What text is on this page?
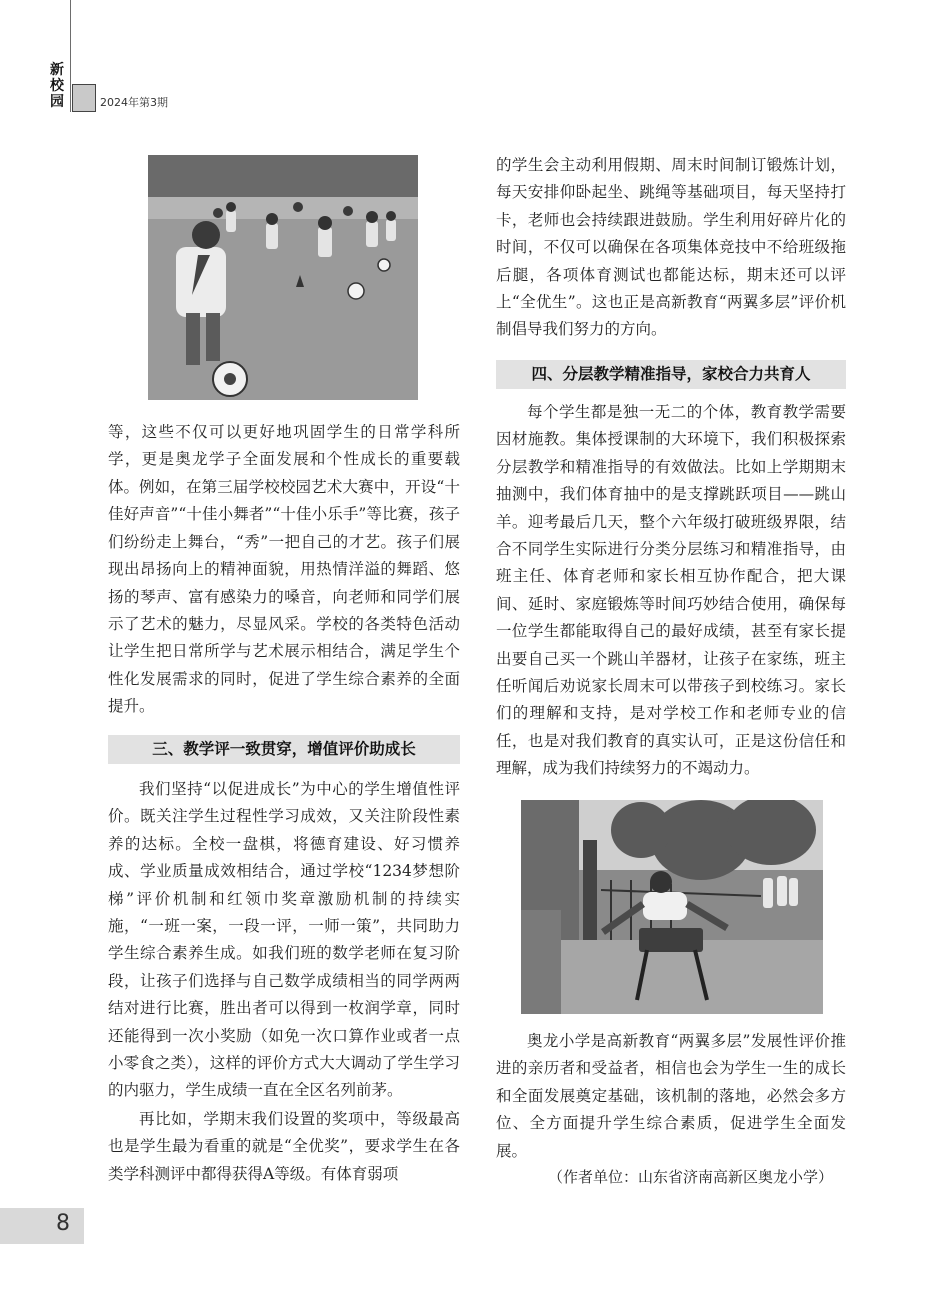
新
校
园	2024年第3期

等，这些不仅可以更好地巩固学生的日常学科所学，更是奥龙学子全面发展和个性成长的重要载体。 例如，在第三届学校校园艺术大赛中，开设“十佳好声音”“十佳小舞者”“十佳小乐手”等比赛，孩子们纷纷走上舞台，“秀”一把自己的才艺。孩子们展现出昂扬向上的精神面貌，用热情洋溢的舞蹈、悠扬的琴声、富有感染力的嗓音，向老师和同学们展示了艺术的魅力，尽显风采。学校的各类特色活动让学生把日常所学与艺术展示相结合，满足学生个性化发展需求的同时，促进了学生综合素养的全面提升。

三、教学评一致贯穿，增值评价助成长

我们坚持“以促进成长”为中心的学生增值性评价。既关注学生过程性学习成效，又关注阶段性素养的达标。全校一盘棋，将德育建设、好习惯养成、学业质量成效相结合，通过学校“1234梦想阶梯”评价机制和红领巾奖章激励机制的持续实施，“一班一案，一段一评，一师一策”，共同助力学生综合素养生成。如我们班的数学老师在复习阶段，让孩子们选择与自己数学成绩相当的同学两两结对进行比赛，胜出者可以得到一枚润学章，同时还能得到一次小奖励（如免一次口算作业或者一点小零食之类），这样的评价方式大大调动了学生学习的内驱力，学生成绩一直在全区名列前茅。

再比如，学期末我们设置的奖项中，等级最高也是学生最为看重的就是“全优奖”，要求学生在各类学科测评中都得获得A等级。有体育弱项

的学生会主动利用假期、周末时间制订锻炼计划，每天安排仰卧起坐、跳绳等基础项目，每天坚持打卡，老师也会持续跟进鼓励。学生利用好碎片化的时间，不仅可以确保在各项集体竞技中不给班级拖后腿，各项体育测试也都能达标，期末还可以评上“全优生”。这也正是高新教育“两翼多层”评价机制倡导我们努力的方向。

四、分层教学精准指导，家校合力共育人

每个学生都是独一无二的个体，教育教学需要因材施教。集体授课制的大环境下，我们积极探索分层教学和精准指导的有效做法。比如上学期期末抽测中，我们体育抽中的是支撑跳跃项目——跳山羊。迎考最后几天，整个六年级打破班级界限，结合不同学生实际进行分类分层练习和精准指导，由班主任、体育老师和家长相互协作配合，把大课间、延时、家庭锻炼等时间巧妙结合使用，确保每一位学生都能取得自己的最好成绩，甚至有家长提出要自己买一个跳山羊器材，让孩子在家练，班主任听闻后劝说家长周末可以带孩子到校练习。家长们的理解和支持，是对学校工作和老师专业的信任，也是对我们教育的真实认可，正是这份信任和理解，成为我们持续努力的不竭动力。

奥龙小学是高新教育“两翼多层”发展性评价推进的亲历者和受益者，相信也会为学生一生的成长和全面发展奠定基础，该机制的落地，必然会多方位、全方面提升学生综合素质，促进学生全面发展。

（作者单位：山东省济南高新区奥龙小学）
8
